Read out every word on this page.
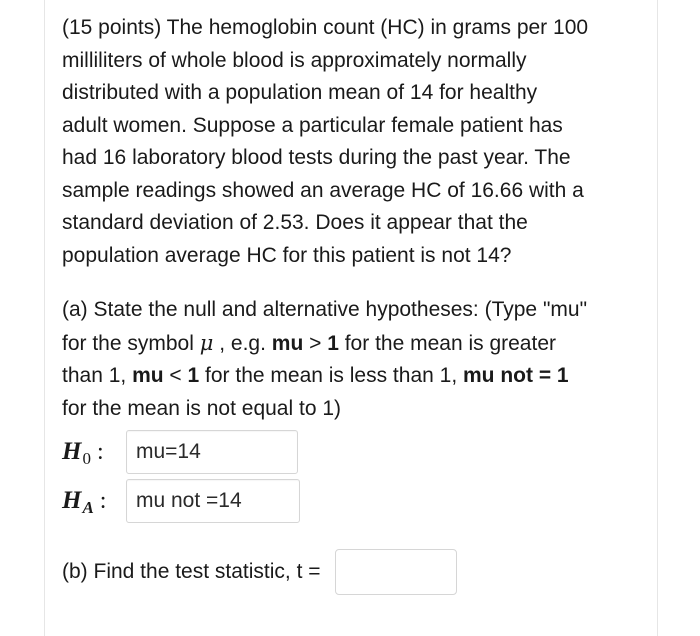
(15 points) The hemoglobin count (HC) in grams per 100
milliliters of whole blood is approximately normally
distributed with a population mean of 14 for healthy
adult women. Suppose a particular female patient has
had 16 laboratory blood tests during the past year. The
sample readings showed an average HC of 16.66 with a
standard deviation of 2.53. Does it appear that the
population average HC for this patient is not 14?

(a) State the null and alternative hypotheses: (Type "mu"
for the symbol μ , e.g. mu > 1 for the mean is greater
than 1, mu < 1 for the mean is less than 1, mu not = 1
for the mean is not equal to 1)

H 0 :	mu=14
H A :	mu not =14
(b) Find the test statistic, t =
